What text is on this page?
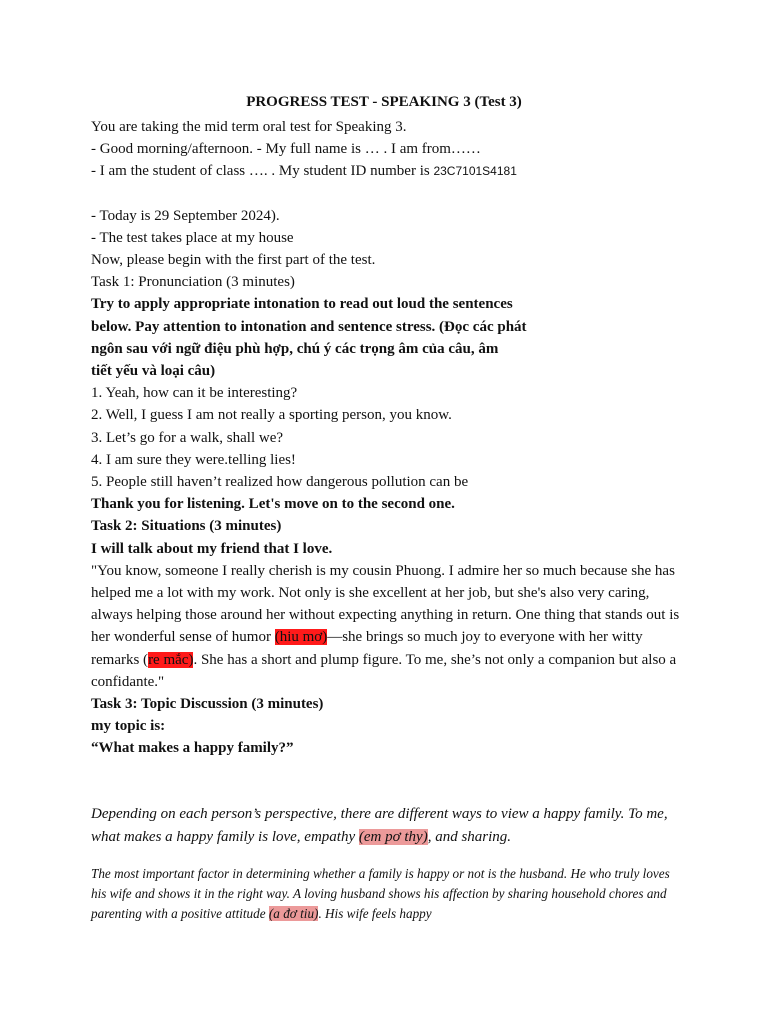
PROGRESS TEST - SPEAKING 3 (Test 3)
You are taking the mid term oral test for Speaking 3.
- Good morning/afternoon. - My full name is … . I am from……
- I am the student of class …. . My student ID number is 23C7101S4181
- Today is 29 September 2024).
- The test takes place at my house
Now, please begin with the first part of the test.
Task 1: Pronunciation (3 minutes)
Try to apply appropriate intonation to read out loud the sentences
below. Pay attention to intonation and sentence stress. (Đọc các phát
ngôn sau với ngữ điệu phù hợp, chú ý các trọng âm của câu, âm
tiết yếu và loại câu)
1. Yeah, how can it be interesting?
2. Well, I guess I am not really a sporting person, you know.
3. Let’s go for a walk, shall we?
4. I am sure they were.telling lies!
5. People still haven’t realized how dangerous pollution can be
Thank you for listening. Let's move on to the second one.
Task 2: Situations (3 minutes)
I will talk about my friend that I love.
"You know, someone I really cherish is my cousin Phuong. I admire her so much because she has helped me a lot with my work. Not only is she excellent at her job, but she's also very caring, always helping those around her without expecting anything in return. One thing that stands out is her wonderful sense of humor (hiu mơ)—she brings so much joy to everyone with her witty remarks (re mắc). She has a short and plump figure. To me, she’s not only a companion but also a confidante."
Task 3: Topic Discussion (3 minutes)
my topic is:
“What makes a happy family?”
Depending on each person’s perspective, there are different ways to view a happy family. To me, what makes a happy family is love, empathy (em pơ thy), and sharing.
The most important factor in determining whether a family is happy or not is the husband. He who truly loves his wife and shows it in the right way. A loving husband shows his affection by sharing household chores and parenting with a positive attitude (a đơ tiu). His wife feels happy
